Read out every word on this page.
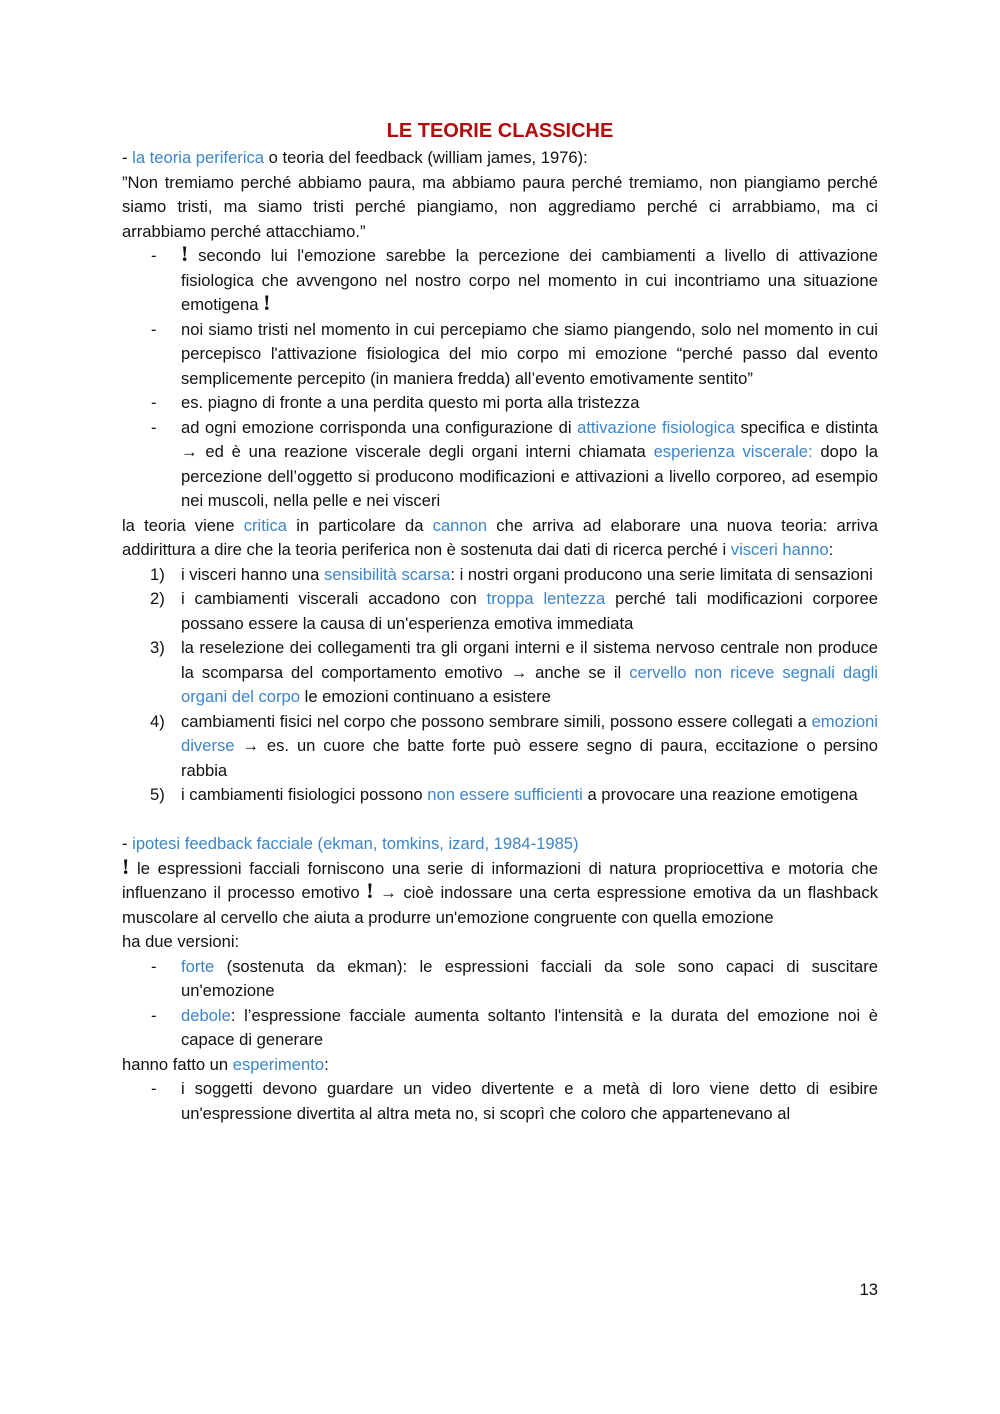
LE TEORIE CLASSICHE

- la teoria periferica o teoria del feedback (william james, 1976):

”Non tremiamo perché abbiamo paura, ma abbiamo paura perché tremiamo, non piangiamo perché siamo tristi, ma siamo tristi perché piangiamo, non aggrediamo perché ci arrabbiamo, ma ci arrabbiamo perché attacchiamo.”

- ! secondo lui l'emozione sarebbe la percezione dei cambiamenti a livello di attivazione fisiologica che avvengono nel nostro corpo nel momento in cui incontriamo una situazione emotigena !
- noi siamo tristi nel momento in cui percepiamo che siamo piangendo, solo nel momento in cui percepisco l'attivazione fisiologica del mio corpo mi emozione “perché passo dal evento semplicemente percepito (in maniera fredda) all’evento emotivamente sentito”
- es. piagno di fronte a una perdita questo mi porta alla tristezza
- ad ogni emozione corrisponda una configurazione di attivazione fisiologica specifica e distinta → ed è una reazione viscerale degli organi interni chiamata esperienza viscerale: dopo la percezione dell’oggetto si producono modificazioni e attivazioni a livello corporeo, ad esempio nei muscoli, nella pelle e nei visceri

la teoria viene critica in particolare da cannon che arriva ad elaborare una nuova teoria: arriva addirittura a dire che la teoria periferica non è sostenuta dai dati di ricerca perché i visceri hanno:

1) i visceri hanno una sensibilità scarsa: i nostri organi producono una serie limitata di sensazioni
2) i cambiamenti viscerali accadono con troppa lentezza perché tali modificazioni corporee possano essere la causa di un'esperienza emotiva immediata
3) la reselezione dei collegamenti tra gli organi interni e il sistema nervoso centrale non produce la scomparsa del comportamento emotivo → anche se il cervello non riceve segnali dagli organi del corpo le emozioni continuano a esistere
4) cambiamenti fisici nel corpo che possono sembrare simili, possono essere collegati a emozioni diverse → es. un cuore che batte forte può essere segno di paura, eccitazione o persino rabbia
5) i cambiamenti fisiologici possono non essere sufficienti a provocare una reazione emotigena

- ipotesi feedback facciale (ekman, tomkins, izard, 1984-1985)

! le espressioni facciali forniscono una serie di informazioni di natura propriocettiva e motoria che influenzano il processo emotivo ! → cioè indossare una certa espressione emotiva da un flashback muscolare al cervello che aiuta a produrre un'emozione congruente con quella emozione

ha due versioni:

- forte (sostenuta da ekman): le espressioni facciali da sole sono capaci di suscitare un'emozione
- debole: l’espressione facciale aumenta soltanto l'intensità e la durata del emozione noi è capace di generare

hanno fatto un esperimento:

- i soggetti devono guardare un video divertente e a metà di loro viene detto di esibire un'espressione divertita al altra meta no, si scoprì che coloro che appartenevano al
13
